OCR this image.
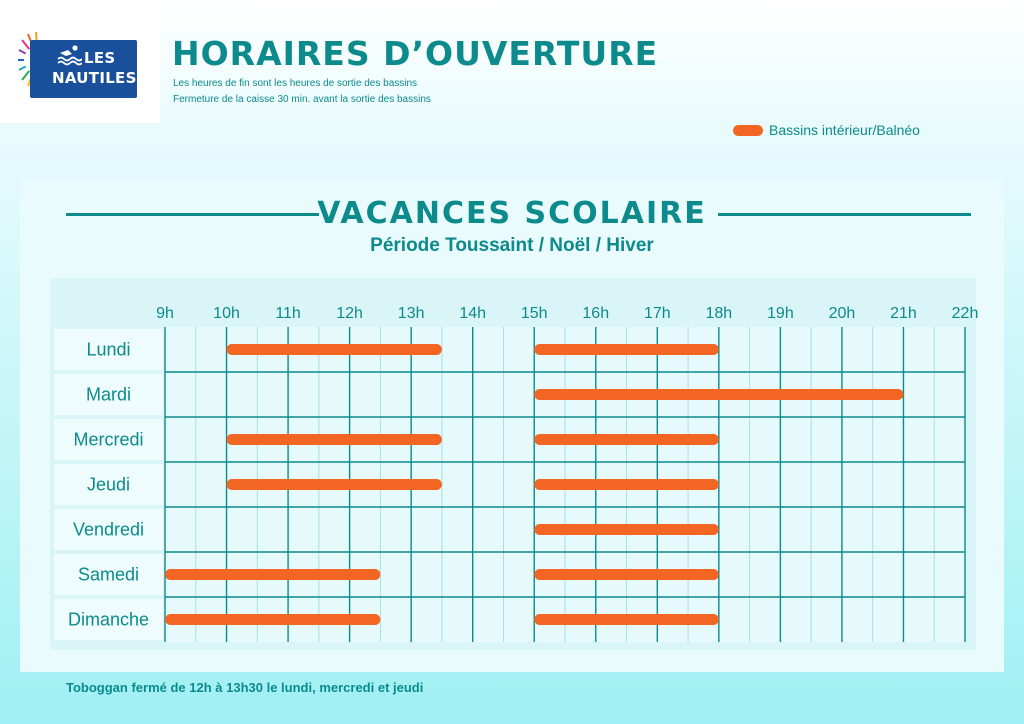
LES
NAUTILES
HORAIRES D’OUVERTURE
Les heures de fin sont les heures de sortie des bassins
Fermeture de la caisse 30 min. avant la sortie des bassins
Bassins intérieur/Balnéo
VACANCES SCOLAIRE
Période Toussaint / Noël / Hiver
9h 10h 11h 12h 13h 14h 15h 16h 17h 18h 19h 20h 21h 22h
Lundi
Mardi
Mercredi
Jeudi
Vendredi
Samedi
Dimanche
Toboggan fermé de 12h à 13h30 le lundi, mercredi et jeudi
